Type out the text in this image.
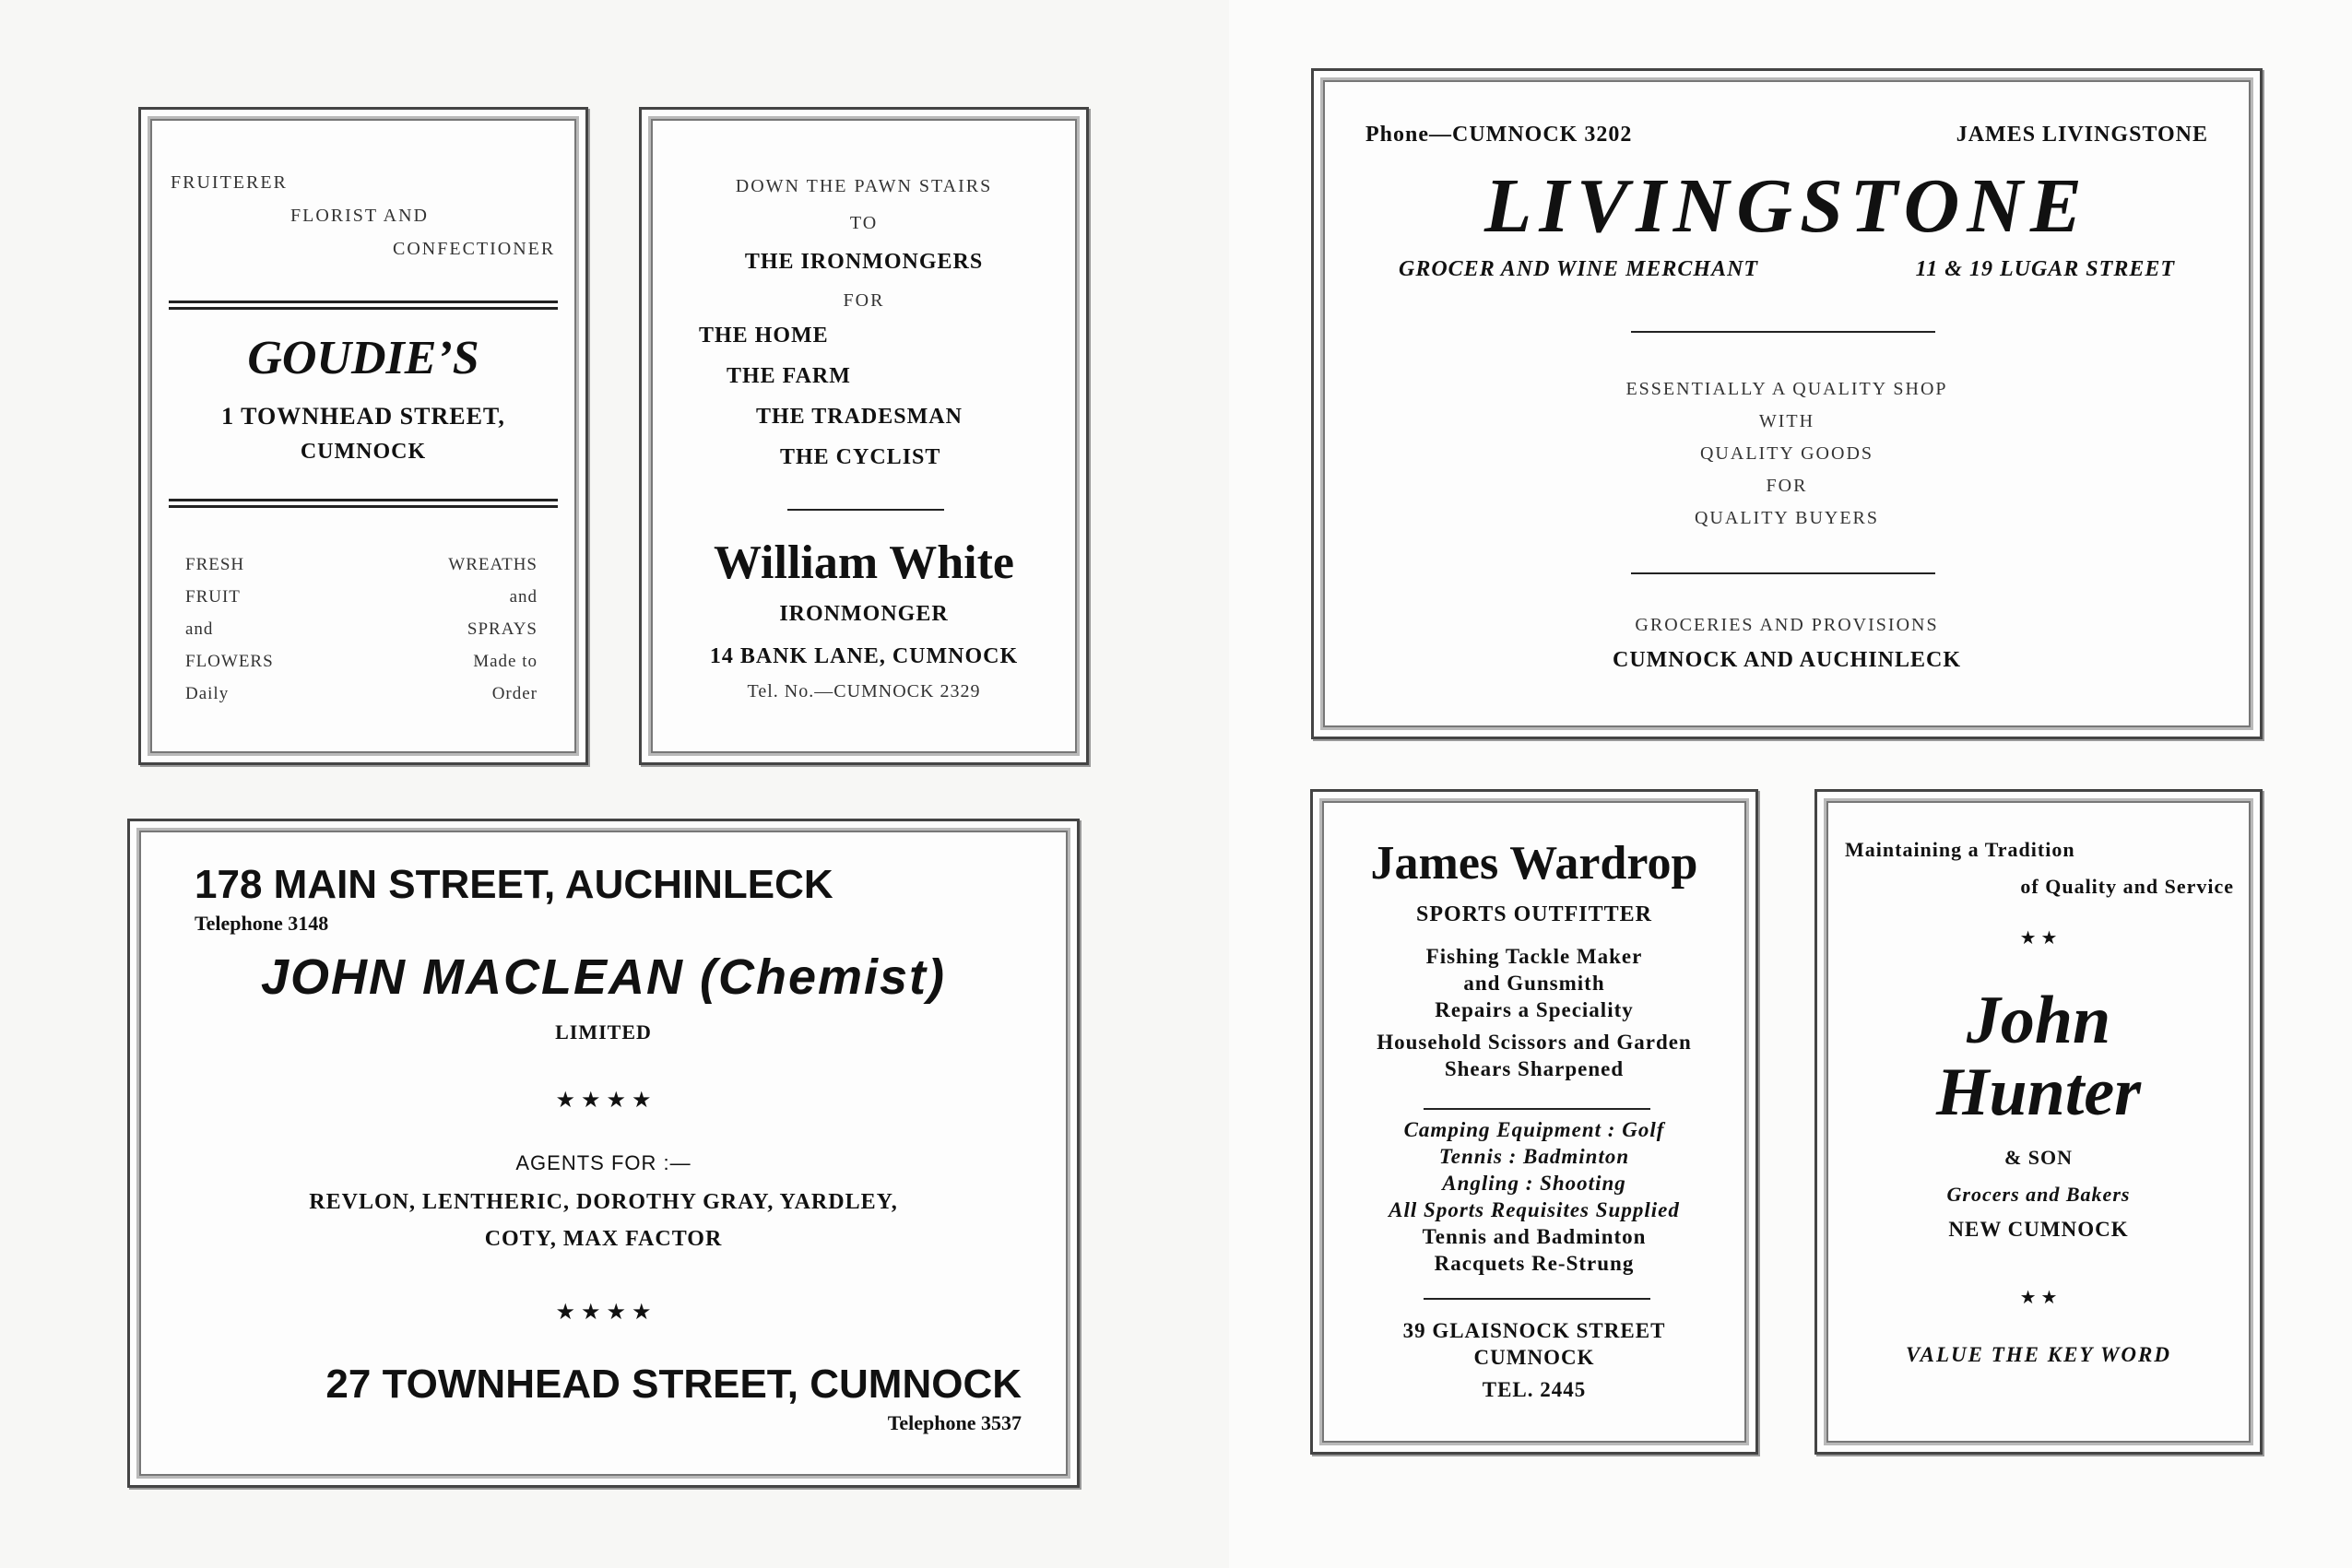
FRUITERER
FLORIST AND
CONFECTIONER
GOUDIE’S
1 TOWNHEAD STREET,
CUMNOCK
FRESH
FRUIT
and
FLOWERS
Daily
WREATHS
and
SPRAYS
Made to
Order
DOWN THE PAWN STAIRS
TO
THE IRONMONGERS
FOR
THE HOME
THE FARM
THE TRADESMAN
THE CYCLIST
William White
IRONMONGER
14 BANK LANE, CUMNOCK
Tel. No.—CUMNOCK 2329
178 MAIN STREET, AUCHINLECK
Telephone 3148
JOHN MACLEAN (Chemist)
LIMITED
★ ★ ★ ★
AGENTS FOR :—
REVLON, LENTHERIC, DOROTHY GRAY, YARDLEY,
COTY, MAX FACTOR
★ ★ ★ ★
27 TOWNHEAD STREET, CUMNOCK
Telephone 3537
Phone—CUMNOCK 3202	JAMES LIVINGSTONE
LIVINGSTONE
GROCER AND WINE MERCHANT	11 & 19 LUGAR STREET
ESSENTIALLY A QUALITY SHOP
WITH
QUALITY GOODS
FOR
QUALITY BUYERS
GROCERIES AND PROVISIONS
CUMNOCK AND AUCHINLECK
James Wardrop
SPORTS OUTFITTER
Fishing Tackle Maker
and Gunsmith
Repairs a Speciality
Household Scissors and Garden
Shears Sharpened
Camping Equipment : Golf
Tennis : Badminton
Angling : Shooting
All Sports Requisites Supplied
Tennis and Badminton
Racquets Re-Strung
39 GLAISNOCK STREET
CUMNOCK
TEL. 2445
Maintaining a Tradition
of Quality and Service
★ ★
John
Hunter
& SON
Grocers and Bakers
NEW CUMNOCK
★ ★
VALUE THE KEY WORD
